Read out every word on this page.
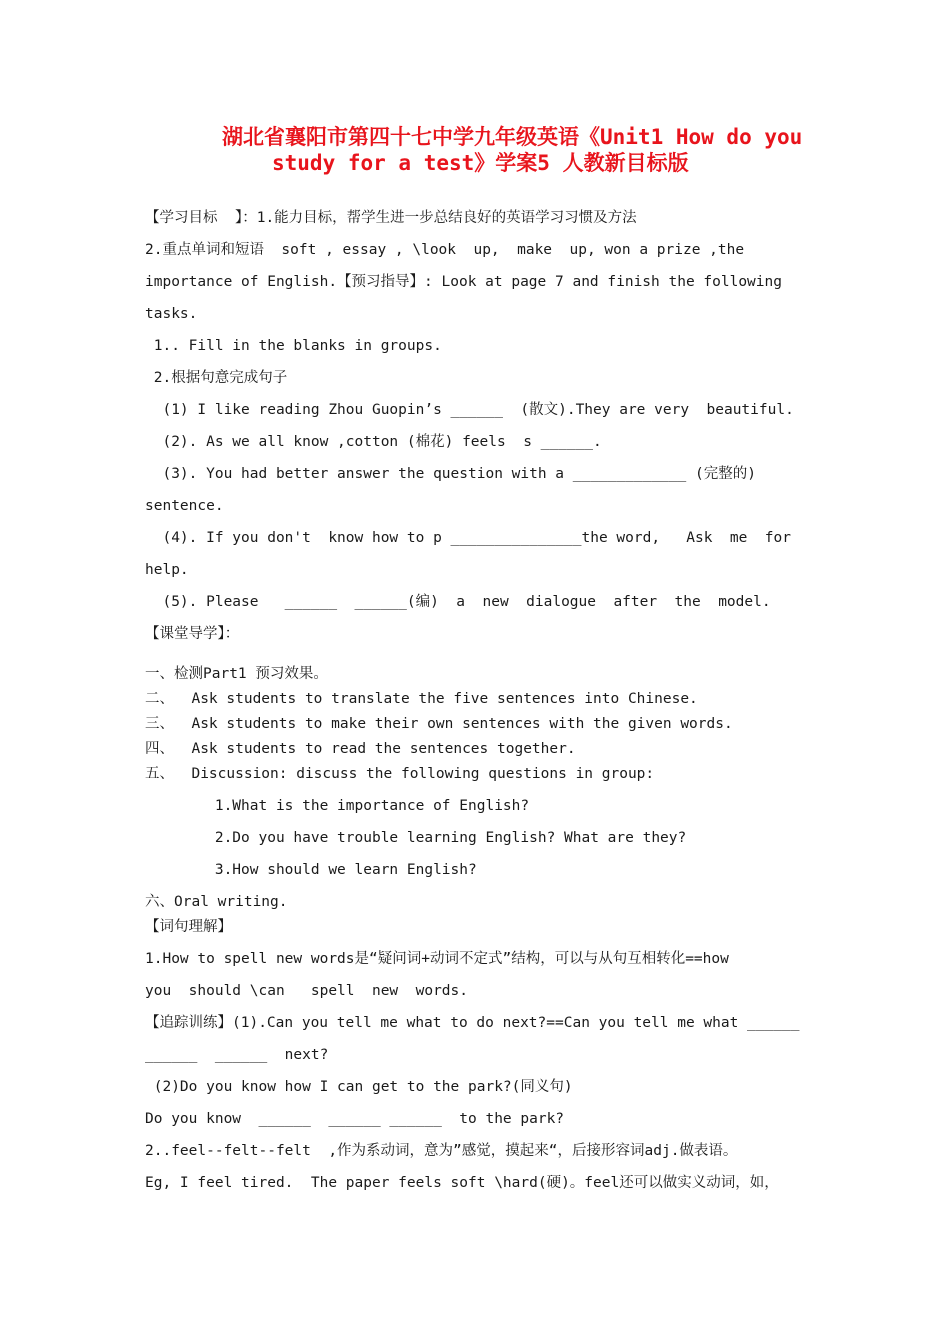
湖北省襄阳市第四十七中学九年级英语《Unit1 How do you
study for a test》学案5 人教新目标版
【学习目标  】：1.能力目标，帮学生进一步总结良好的英语学习习惯及方法
2.重点单词和短语  soft , essay , \look  up,  make  up, won a prize ,the
importance of English.【预习指导】: Look at page 7 and finish the following
tasks.
1.. Fill in the blanks in groups.
2.根据句意完成句子
(1) I like reading Zhou Guopin’s ______  (散文).They are very  beautiful.
(2). As we all know ,cotton (棉花) feels  s ______.
(3). You had better answer the question with a _____________ (完整的)
sentence.
(4). If you don't  know how to p _______________the word,   Ask  me  for
help.
(5). Please   ______  ______(编)  a  new  dialogue  after  the  model.
【课堂导学】：
一、检测Part1 预习效果。
二、  Ask students to translate the five sentences into Chinese.
三、  Ask students to make their own sentences with the given words.
四、  Ask students to read the sentences together.
五、  Discussion: discuss the following questions in group:
1.What is the importance of English?
2.Do you have trouble learning English? What are they?
3.How should we learn English?
六、Oral writing.
【词句理解】
1.How to spell new words是“疑问词+动词不定式”结构，可以与从句互相转化==how
you  should \can   spell  new  words.
【追踪训练】(1).Can you tell me what to do next?==Can you tell me what ______
______  ______  next?
(2)Do you know how I can get to the park?(同义句)
Do you know  ______  ______ ______  to the park?
2..feel--felt--felt  ,作为系动词，意为”感觉，摸起来“，后接形容词adj.做表语。
Eg, I feel tired.  The paper feels soft \hard(硬)。feel还可以做实义动词，如，
